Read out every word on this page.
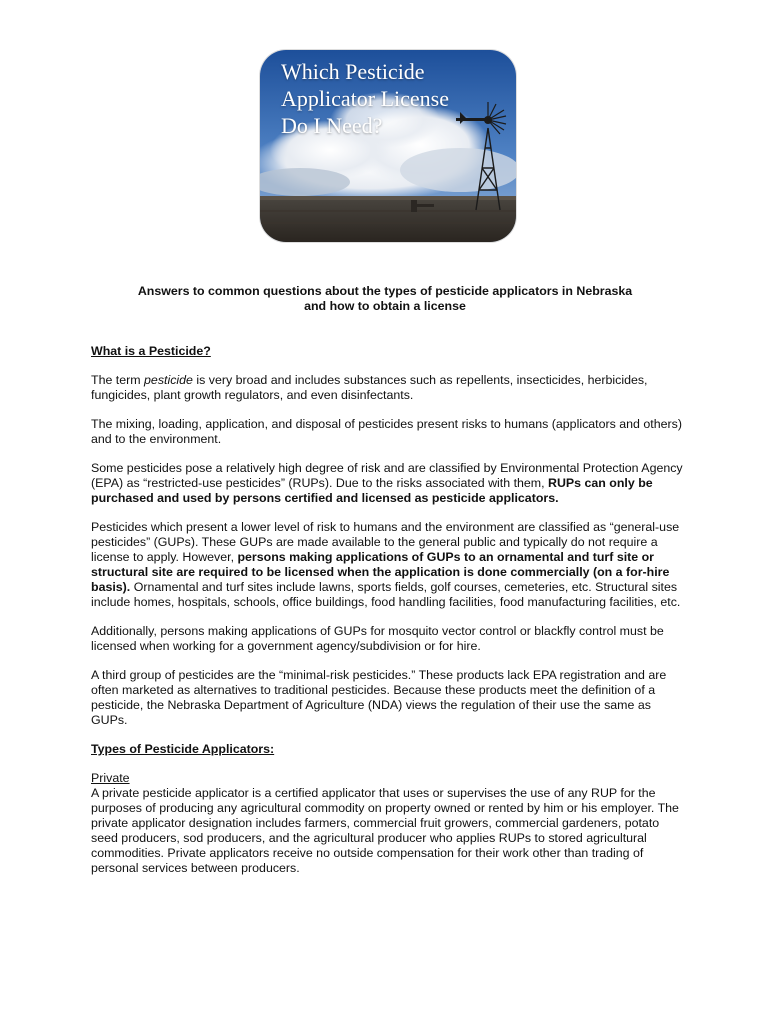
Which Pesticide
Applicator License
Do I Need?
Answers to common questions about the types of pesticide applicators in Nebraska
and how to obtain a license

What is a Pesticide?

The term pesticide is very broad and includes substances such as repellents, insecticides, herbicides, fungicides, plant growth regulators, and even disinfectants.

The mixing, loading, application, and disposal of pesticides present risks to humans (applicators and others) and to the environment.

Some pesticides pose a relatively high degree of risk and are classified by Environmental Protection Agency (EPA) as “restricted-use pesticides” (RUPs). Due to the risks associated with them, RUPs can only be purchased and used by persons certified and licensed as pesticide applicators.

Pesticides which present a lower level of risk to humans and the environment are classified as “general-use pesticides” (GUPs). These GUPs are made available to the general public and typically do not require a license to apply. However, persons making applications of GUPs to an ornamental and turf site or structural site are required to be licensed when the application is done commercially (on a for-hire basis). Ornamental and turf sites include lawns, sports fields, golf courses, cemeteries, etc. Structural sites include homes, hospitals, schools, office buildings, food handling facilities, food manufacturing facilities, etc.

Additionally, persons making applications of GUPs for mosquito vector control or blackfly control must be licensed when working for a government agency/subdivision or for hire.

A third group of pesticides are the “minimal-risk pesticides.” These products lack EPA registration and are often marketed as alternatives to traditional pesticides. Because these products meet the definition of a pesticide, the Nebraska Department of Agriculture (NDA) views the regulation of their use the same as GUPs.

Types of Pesticide Applicators:

Private
A private pesticide applicator is a certified applicator that uses or supervises the use of any RUP for the purposes of producing any agricultural commodity on property owned or rented by him or his employer. The private applicator designation includes farmers, commercial fruit growers, commercial gardeners, potato seed producers, sod producers, and the agricultural producer who applies RUPs to stored agricultural commodities. Private applicators receive no outside compensation for their work other than trading of personal services between producers.
